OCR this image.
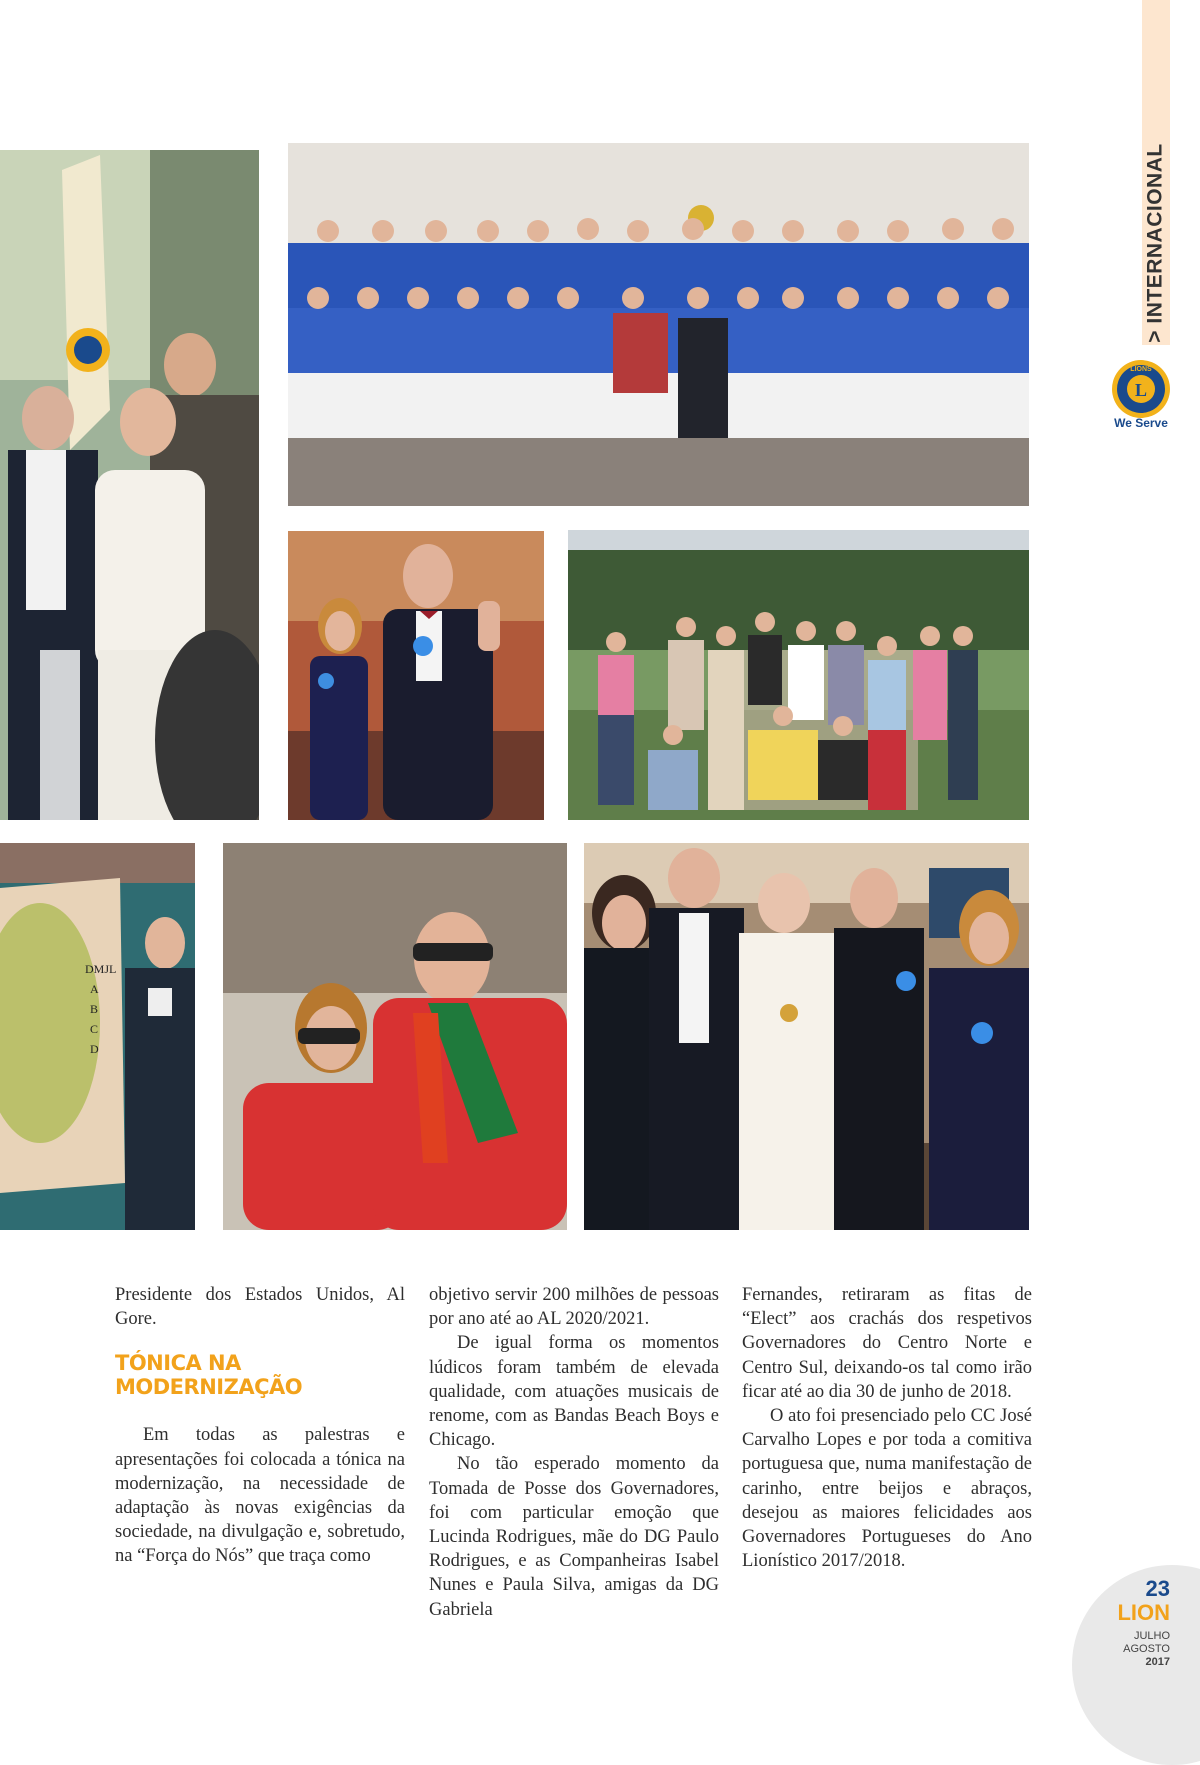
> INTERNACIONAL
L
LIONS
We Serve
DMJL
A
B
C
D

Presidente dos Estados Unidos, Al Gore.

TÓNICA NA
MODERNIZAÇÃO

Em todas as palestras e apresentações foi colocada a tónica na modernização, na necessidade de adaptação às novas exigências da sociedade, na divulgação e, sobretudo, na “Força do Nós” que traça como

objetivo servir 200 milhões de pessoas por ano até ao AL 2020/2021.

De igual forma os momentos lúdicos foram também de elevada qualidade, com atuações musicais de renome, com as Bandas Beach Boys e Chicago.

No tão esperado momento da Tomada de Posse dos Governadores, foi com particular emoção que Lucinda Rodrigues, mãe do DG Paulo Rodrigues, e as Companheiras Isabel Nunes e Paula Silva, amigas da DG Gabriela

Fernandes, retiraram as fitas de “Elect” aos crachás dos respetivos Governadores do Centro Norte e Centro Sul, deixando-os tal como irão ficar até ao dia 30 de junho de 2018.

O ato foi presenciado pelo CC José Carvalho Lopes e por toda a comitiva portuguesa que, numa manifestação de carinho, entre beijos e abraços, desejou as maiores felicidades aos Governadores Portugueses do Ano Lionístico 2017/2018.

23
LION
JULHO AGOSTO
2017
